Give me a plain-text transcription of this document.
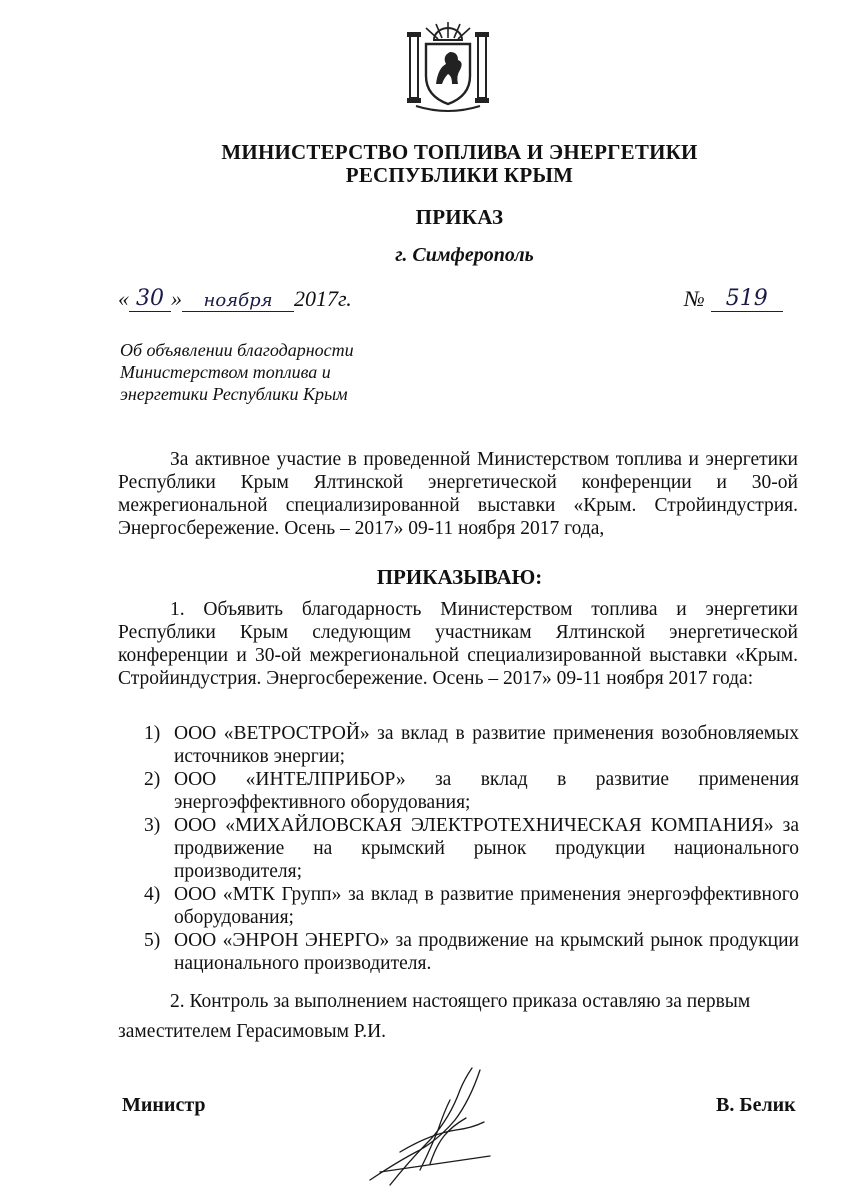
МИНИСТЕРСТВО ТОПЛИВА И ЭНЕРГЕТИКИ
РЕСПУБЛИКИ КРЫМ
ПРИКАЗ
г. Симферополь
« 30 »	ноября 2017г.	№ 519
Об объявлении благодарности Министерством топлива и энергетики Республики Крым
За активное участие в проведенной Министерством топлива и энергетики Республики Крым Ялтинской энергетической конференции и 30-ой межрегиональной специализированной выставки «Крым. Стройиндустрия. Энергосбережение. Осень – 2017» 09-11 ноября 2017 года,
ПРИКАЗЫВАЮ:
1. Объявить благодарность Министерством топлива и энергетики Республики Крым следующим участникам Ялтинской энергетической конференции и 30-ой межрегиональной специализированной выставки «Крым. Стройиндустрия. Энергосбережение. Осень – 2017» 09-11 ноября 2017 года:
1) ООО «ВЕТРОСТРОЙ» за вклад в развитие применения возобновляемых источников энергии;
2) ООО «ИНТЕЛПРИБОР» за вклад в развитие применения энергоэффективного оборудования;
3) ООО «МИХАЙЛОВСКАЯ ЭЛЕКТРОТЕХНИЧЕСКАЯ КОМПАНИЯ» за продвижение на крымский рынок продукции национального производителя;
4) ООО «МТК Групп» за вклад в развитие применения энергоэффективного оборудования;
5) ООО «ЭНРОН ЭНЕРГО» за продвижение на крымский рынок продукции национального производителя.
2. Контроль за выполнением настоящего приказа оставляю за первым заместителем Герасимовым Р.И.
Министр	В. Белик
